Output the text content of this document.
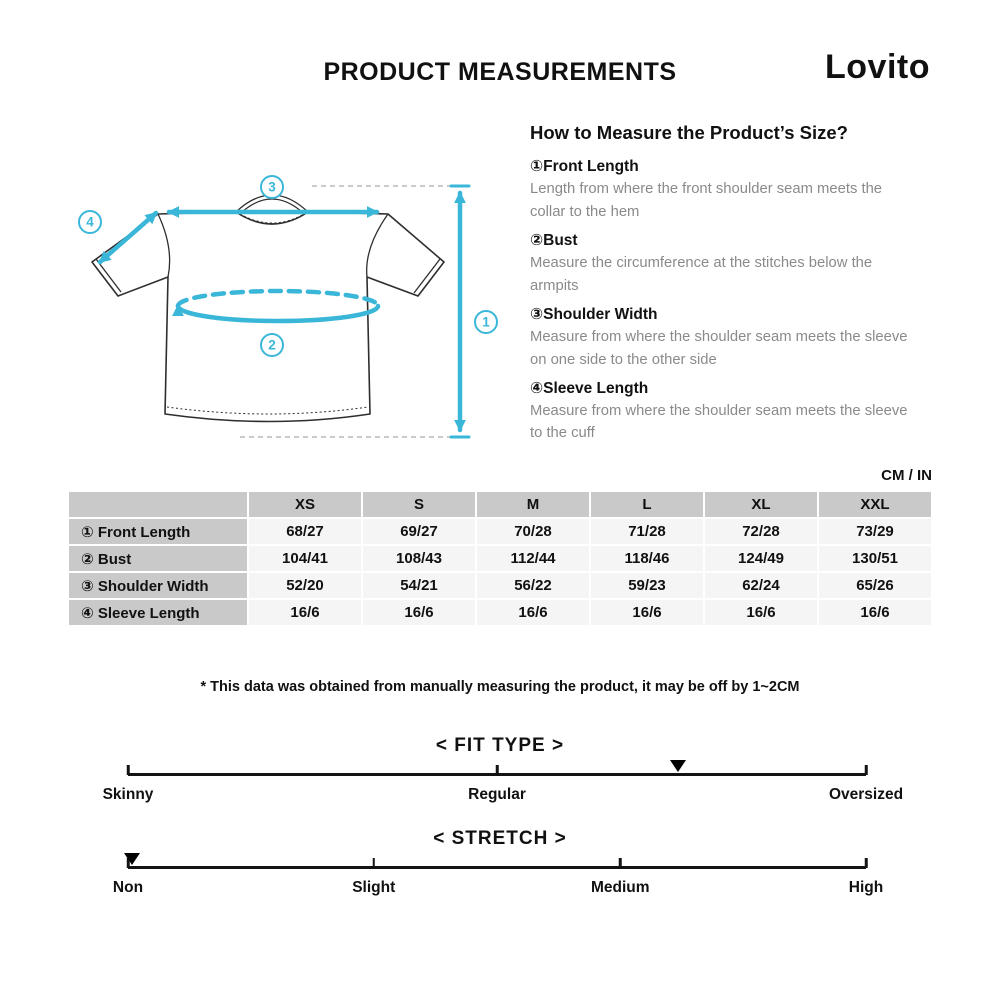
PRODUCT MEASUREMENTS	Lovito
3
4
2
1
How to Measure the Product’s Size?
①Front Length
Length from where the front shoulder seam meets the collar to the hem
②Bust
Measure the circumference at the stitches below the armpits
③Shoulder Width
Measure from where the shoulder seam meets the sleeve on one side to the other side
④Sleeve Length
Measure from where the shoulder seam meets the sleeve to the cuff
CM / IN
	XS	S	M	L	XL	XXL
① Front Length	68/27	69/27	70/28	71/28	72/28	73/29
② Bust	104/41	108/43	112/44	118/46	124/49	130/51
③ Shoulder Width	52/20	54/21	56/22	59/23	62/24	65/26
④ Sleeve Length	16/6	16/6	16/6	16/6	16/6	16/6
* This data was obtained from manually measuring the product, it may be off by 1~2CM
< FIT TYPE >
Skinny	Regular	Oversized
< STRETCH >
Non	Slight	Medium	High
